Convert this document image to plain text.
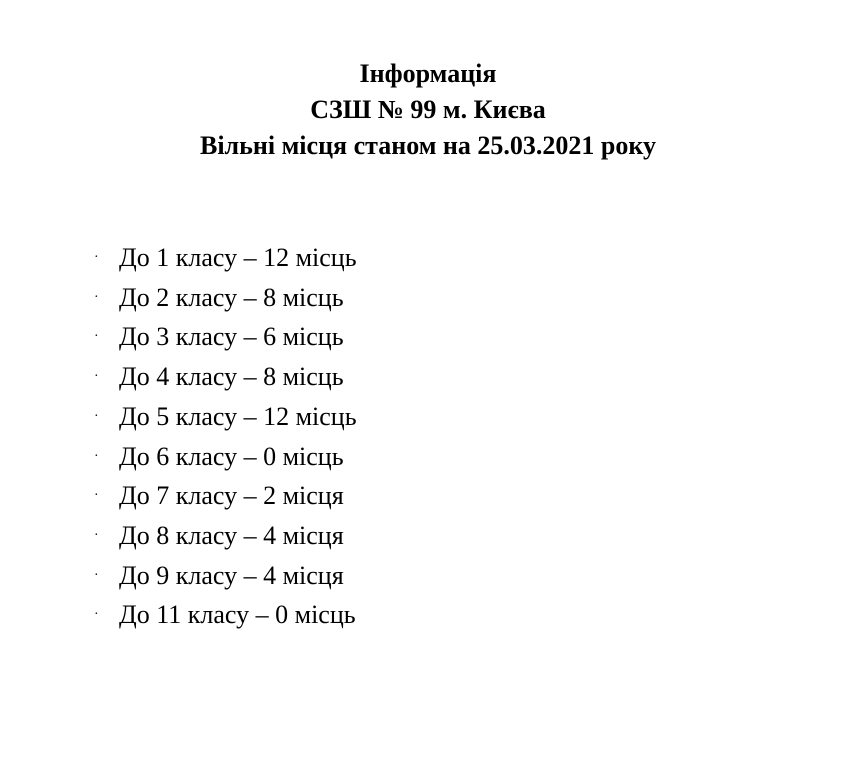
Інформація
СЗШ № 99 м. Києва
Вільні місця станом на 25.03.2021 року
· До 1 класу – 12 місць
· До 2 класу – 8 місць
· До 3 класу – 6 місць
· До 4 класу – 8 місць
· До 5 класу – 12 місць
· До 6 класу – 0 місць
· До 7 класу – 2 місця
· До 8 класу – 4 місця
· До 9 класу – 4 місця
· До 11 класу – 0 місць
